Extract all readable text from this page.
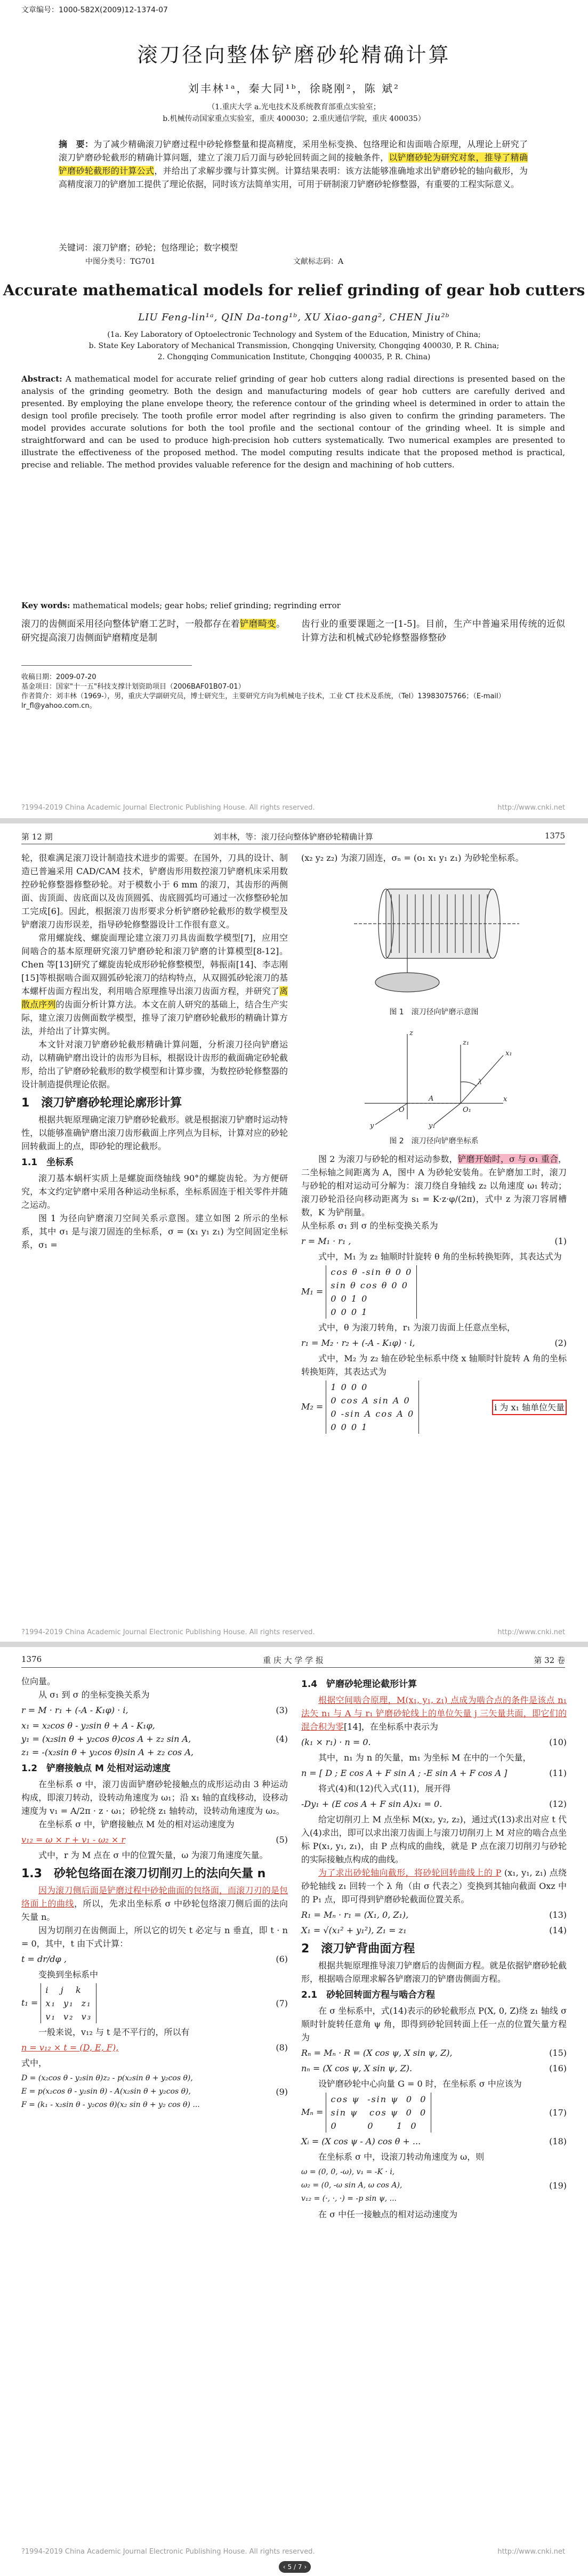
文章编号：1000-582X(2009)12-1374-07
滚刀径向整体铲磨砂轮精确计算
刘丰林¹ᵃ，秦大同¹ᵇ，徐晓刚²，陈 斌²
（1.重庆大学 a.光电技术及系统教育部重点实验室；
b.机械传动国家重点实验室，重庆 400030；2.重庆通信学院，重庆 400035）
摘　要：为了减少精确滚刀铲磨过程中砂轮修整量和提高精度，采用坐标变换、包络理论和齿面啮合原理，从理论上研究了滚刀铲磨砂轮截形的精确计算问题，建立了滚刀后刀面与砂轮回转面之间的接触条件，以铲磨砂轮为研究对象，推导了精确铲磨砂轮截形的计算公式，并给出了求解步骤与计算实例。计算结果表明：该方法能够准确地求出铲磨砂轮的轴向截形，为高精度滚刀的铲磨加工提供了理论依据，同时该方法简单实用，可用于研制滚刀铲磨砂轮修整器，有重要的工程实际意义。
关键词：滚刀铲磨；砂轮；包络理论；数字模型
中图分类号：TG701	文献标志码：A
Accurate mathematical models for relief grinding of gear hob cutters
LIU Feng-lin¹ᵃ, QIN Da-tong¹ᵇ, XU Xiao-gang², CHEN Jiu²ᵇ
(1a. Key Laboratory of Optoelectronic Technology and System of the Education, Ministry of China;
b. State Key Laboratory of Mechanical Transmission, Chongqing University, Chongqing 400030, P. R. China;
2. Chongqing Communication Institute, Chongqing 400035, P. R. China)
Abstract: A mathematical model for accurate relief grinding of gear hob cutters along radial directions is presented based on the analysis of the grinding geometry. Both the design and manufacturing models of gear hob cutters are carefully derived and presented. By employing the plane envelope theory, the reference contour of the grinding wheel is determined in order to attain the design tool profile precisely. The tooth profile error model after regrinding is also given to confirm the grinding parameters. The model provides accurate solutions for both the tool profile and the sectional contour of the grinding wheel. It is simple and straightforward and can be used to produce high-precision hob cutters systematically. Two numerical examples are presented to illustrate the effectiveness of the proposed method. The model computing results indicate that the proposed method is practical, precise and reliable. The method provides valuable reference for the design and machining of hob cutters.
Key words: mathematical models; gear hobs; relief grinding; regrinding error
滚刀的齿侧面采用径向整体铲磨工艺时，一般都存在着铲磨畸变。研究提高滚刀齿侧面铲磨精度是制
齿行业的重要课题之一[1-5]。目前，生产中普遍采用传统的近似计算方法和机械式砂轮修整器修整砂
收稿日期：2009-07-20
基金项目：国家"十一五"科技支撑计划资助项目（2006BAF01B07-01）
作者简介：刘丰林（1969-），男，重庆大学副研究员，博士研究生，主要研究方向为机械电子技术，工业 CT 技术及系统，（Tel）13983075766；（E-mail）lr_fl@yahoo.com.cn。
?1994-2019 China Academic Journal Electronic Publishing House. All rights reserved.	http://www.cnki.net
第 12 期	刘丰林，等：滚刀径向整体铲磨砂轮精确计算	1375

轮，很难满足滚刀设计制造技术进步的需要。在国外，刀具的设计、制造已普遍采用 CAD/CAM 技术，铲磨齿形用数控滚刀铲磨机床采用数控砂轮修整器修整砂轮。对于模数小于 6 mm 的滚刀，其齿形的两侧面、齿顶面、齿底面以及齿顶圆弧、齿底圆弧均可通过一次修整砂轮加工完成[6]。因此，根据滚刀齿形要求分析铲磨砂轮截形的数学模型及铲磨滚刀齿形误差，指导砂轮修整器设计工作很有意义。

常用螺旋线、螺旋面理论建立滚刀刃具齿面数学模型[7]，应用空间啮合的基本原理研究滚刀铲磨砂轮和滚刀铲磨的计算模型[8-12]。Chen 等[13]研究了螺旋齿轮成形砂轮修整模型，韩振南[14]、李志刚[15]等根据啮合面双圆弧砂轮滚刀的结构特点，从双圆弧砂轮滚刀的基本螺杆齿面方程出发，利用啮合原理推导出滚刀齿面方程，并研究了离散点序列的齿面分析计算方法。本文在前人研究的基础上，结合生产实际，建立滚刀齿侧面数学模型，推导了滚刀铲磨砂轮截形的精确计算方法，并给出了计算实例。

本文针对滚刀铲磨砂轮截形精确计算问题，分析滚刀径向铲磨运动，以精确铲磨出设计的齿形为目标，根据设计齿形的截面确定砂轮截形，给出了铲磨砂轮截形的数学模型和计算步骤，为数控砂轮修整器的设计制造提供理论依据。

1　滚刀铲磨砂轮理论廓形计算

根据共轭原理确定滚刀铲磨砂轮截形。就是根据滚刀铲磨时运动特性，以能够准确铲磨出滚刀齿形截面上序列点为目标，计算对应的砂轮回转截面上的点，即砂轮的理论截形。

1.1　坐标系

滚刀基本蜗杆实质上是螺旋面绕轴线 90°的螺旋齿轮。为方便研究，本文约定铲磨中采用各种运动坐标系，坐标系固连于相关零件并随之运动。

图 1 为径向铲磨滚刀空间关系示意图。建立如图 2 所示的坐标系，其中 σ₁ 是与滚刀固连的坐标系，σ = (x₁ y₁ z₁) 为空间固定坐标系，σ₁ =

(x₂ y₂ z₂) 为滚刀固连，σₙ = (o₁ x₁ y₁ z₁) 为砂轮坐标系。

图 1　滚刀径向铲磨示意图
x
z
y
x₁
z₁
y₁
A
λ
O	O₁
图 2　滚刀径向铲磨坐标系

图 2 为滚刀与砂轮的相对运动参数，铲磨开始时，σ 与 σ₁ 重合，二坐标轴之间距离为 A，图中 A 为砂轮安装角。在铲磨加工时，滚刀与砂轮的相对运动可分解为：滚刀绕自身轴线 z₂ 以角速度 ω₁ 转动；滚刀砂轮沿径向移动距离为 s₁ = K·z·φ/(2π)，式中 z 为滚刀容屑槽数，K 为铲削量。

从坐标系 σ₁ 到 σ 的坐标变换关系为

r = M₁ · r₁ ,	(1)

式中，M₁ 为 z₂ 轴顺时针旋转 θ 角的坐标转换矩阵，其表达式为

M₁ =
cos θ -sin θ 0 0
sin θ cos θ 0 0
0 0 1 0
0 0 0 1

式中，θ 为滚刀转角，r₁ 为滚刀齿面上任意点坐标，

r₁ = M₂ · r₂ + (-A - K₁φ) · i,	(2)

式中，M₂ 为 z₂ 轴在砂轮坐标系中绕 x 轴顺时针旋转 A 角的坐标转换矩阵，其表达式为

M₂ =
1 0 0 0
0 cos A sin A 0
0 -sin A cos A 0
0 0 0 1
i 为 x₁ 轴单位矢量
?1994-2019 China Academic Journal Electronic Publishing House. All rights reserved.	http://www.cnki.net
1376	重 庆 大 学 学 报	第 32 卷

位向量。

从 σ₁ 到 σ 的坐标变换关系为

r = M · r₁ + (-A - K₁φ) · i,	(3)
x₁ = x₂cos θ - y₂sin θ + A - K₁φ,
y₁ = (x₂sin θ + y₂cos θ)cos A + z₂ sin A,
z₁ = -(x₂sin θ + y₂cos θ)sin A + z₂ cos A,
(4)
1.2　铲磨接触点 M 处相对运动速度

在坐标系 σ 中，滚刀齿面铲磨砂轮接触点的成形运动由 3 种运动构成，即滚刀转动，设转动角速度为 ω₁；沿 x₁ 轴的直线移动，设移动速度为 v₁ = A/2π · z · ω₁；砂轮绕 z₁ 轴转动，设转动角速度为 ω₂。

在坐标系 σ 中，铲磨接触点 M 处的相对运动速度为

v₁₂ = ω × r + v₁ - ω₂ × r	(5)

式中，r 为 M 点在 σ 中的位置矢量，ω 为滚刀角速度矢量。

1.3　砂轮包络面在滚刀切削刃上的法向矢量 n

因为滚刀侧后面是铲磨过程中砂轮曲面的包络面，而滚刀刃的是包络面上的曲线，所以，先求出坐标系 σ 中砂轮包络滚刀侧后面的法向矢量 n。

因为切削刃在齿侧面上，所以它的切矢 t 必定与 n 垂直，即 t · n = 0，其中，t 由下式计算：

t = dr/dφ ,	(6)

变换到坐标系中

t₁ =
i   j   k
x₁  y₁  z₁
v₁  v₂  v₃
(7)

一般来说，v₁₂ 与 t 是不平行的，所以有

n = v₁₂ × t = (D, E, F),	(8)

式中，

D = (x₂cos θ - y₂sin θ)z₂ - p(x₂sin θ + y₂cos θ),
E = p(x₂cos θ - y₂sin θ) - A(x₂sin θ + y₂cos θ),
F = (k₁ - x₂sin θ - y₂cos θ)(x₂ sin θ + y₂ cos θ) ...
(9)
1.4　铲磨砂轮理论截形计算

根据空间啮合原理，M(x₁, y₁, z₁) 点成为啮合点的条件是该点 n₁ 法矢 n₁ 与 A 与 r₁ 铲磨砂轮线上的单位矢量 j 三矢量共面，即它们的混合积为零[14]，在坐标系中表示为

(k₁ × r₁) · n = 0.	(10)

其中，n₁ 为 n 的矢量，m₁ 为坐标 M 在中的一个矢量，

n = [ D ; E cos A + F sin A ; -E sin A + F cos A ]	(11)

将式(4)和(12)代入式(11)，展开得

-Dy₁ + (E cos A + F sin A)x₁ = 0.	(12)

给定切削刃上 M 点坐标 M(x₂, y₂, z₂)，通过式(13)求出对应 t 代入(4)求出，即可以求出滚刀齿面上与滚刀切削刃上 M 对应的啮合点坐标 P(x₁, y₁, z₁)，由 P 点构成的曲线，就是 P 点在滚刀切削刃与砂轮的实际接触点构成的曲线。

为了求出砂轮轴向截形，将砂轮回转曲线上的 P (x₁, y₁, z₁) 点绕砂轮轴线 z₁ 回转一个 λ 角（由 σ 代表之）变换到其轴向截面 Oxz 中的 P₁ 点，即可得到铲磨砂轮截面位置关系。

R₁ = Mₙ · r₁ = (X₁, 0, Z₁),	(13)
X₁ = √(x₁² + y₁²), Z₁ = z₁	(14)
2　滚刀铲背曲面方程

根据共轭原理推导滚刀铲磨后的齿侧面方程。就是依据铲磨砂轮截形，根据啮合原理求解各铲磨滚刀的铲磨齿侧面方程。

2.1　砂轮回转面方程与啮合方程

在 σ 坐标系中，式(14)表示的砂轮截形点 P(X, 0, Z)绕 z₁ 轴线 σ 顺时针旋转任意角 ψ 角，即得到砂轮回转面上任一点的位置矢量方程为

Rₙ = Mₙ · R = (X cos ψ, X sin ψ, Z),	(15)
nₙ = (X cos ψ, X sin ψ, Z).	(16)

设铲磨砂轮中心向量 G = 0 时，在坐标系 σ 中应该为

Mₙ =
cos ψ  -sin ψ  0  0
sin ψ   cos ψ  0  0
0        0      1  0
(17)
Xᵢ = (X cos ψ - A) cos θ + ...	(18)

在坐标系 σ 中，设滚刀转动角速度为 ω，则

ω = (0, 0, -ω), v₁ = -K · i,
ω₂ = (0, -ω sin A, ω cos A),
v₁₂ = (·, ·, ·) = -p sin ψ, ...
(19)

在 σ 中任一接触点的相对运动速度为

?1994-2019 China Academic Journal Electronic Publishing House. All rights reserved.	http://www.cnki.net
‹ 5 / 7 ›
